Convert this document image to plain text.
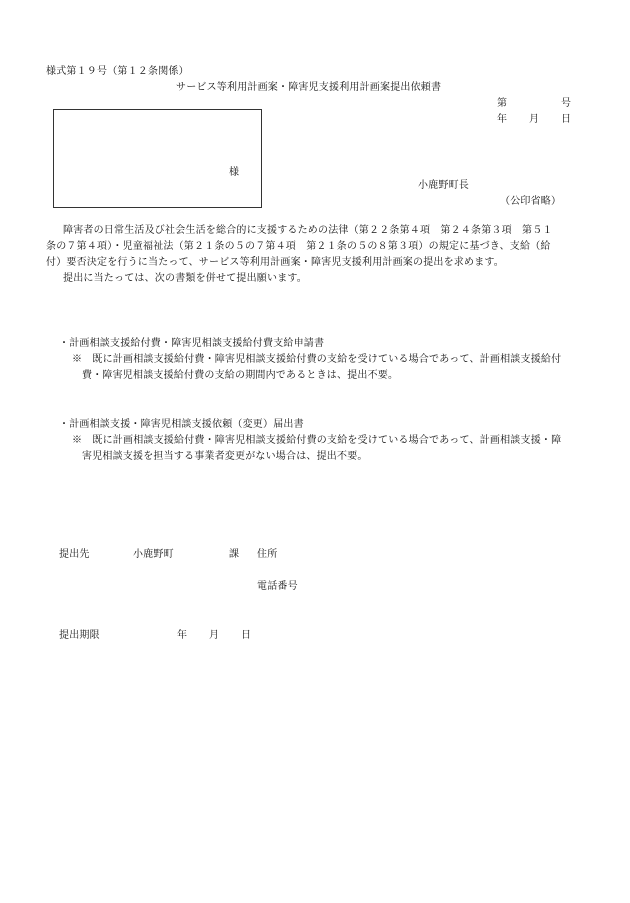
様式第１９号（第１２条関係）
サービス等利用計画案・障害児支援利用計画案提出依頼書
第	号
年 月 日
様
小鹿野町長
（公印省略）
障害者の日常生活及び社会生活を総合的に支援するための法律（第２２条第４項　第２４条第３項　第５１
条の７第４項）・児童福祉法（第２１条の５の７第４項　第２１条の５の８第３項）の規定に基づき、支給（給
付）要否決定を行うに当たって、サービス等利用計画案・障害児支援利用計画案の提出を求めます。
提出に当たっては、次の書類を併せて提出願います。
・計画相談支援給付費・障害児相談支援給付費支給申請書
※　既に計画相談支援給付費・障害児相談支援給付費の支給を受けている場合であって、計画相談支援給付
費・障害児相談支援給付費の支給の期間内であるときは、提出不要。
・計画相談支援・障害児相談支援依頼（変更）届出書
※　既に計画相談支援給付費・障害児相談支援給付費の支給を受けている場合であって、計画相談支援・障
害児相談支援を担当する事業者変更がない場合は、提出不要。
提出先	小鹿野町	課 住所
電話番号
提出期限	年 月 日
